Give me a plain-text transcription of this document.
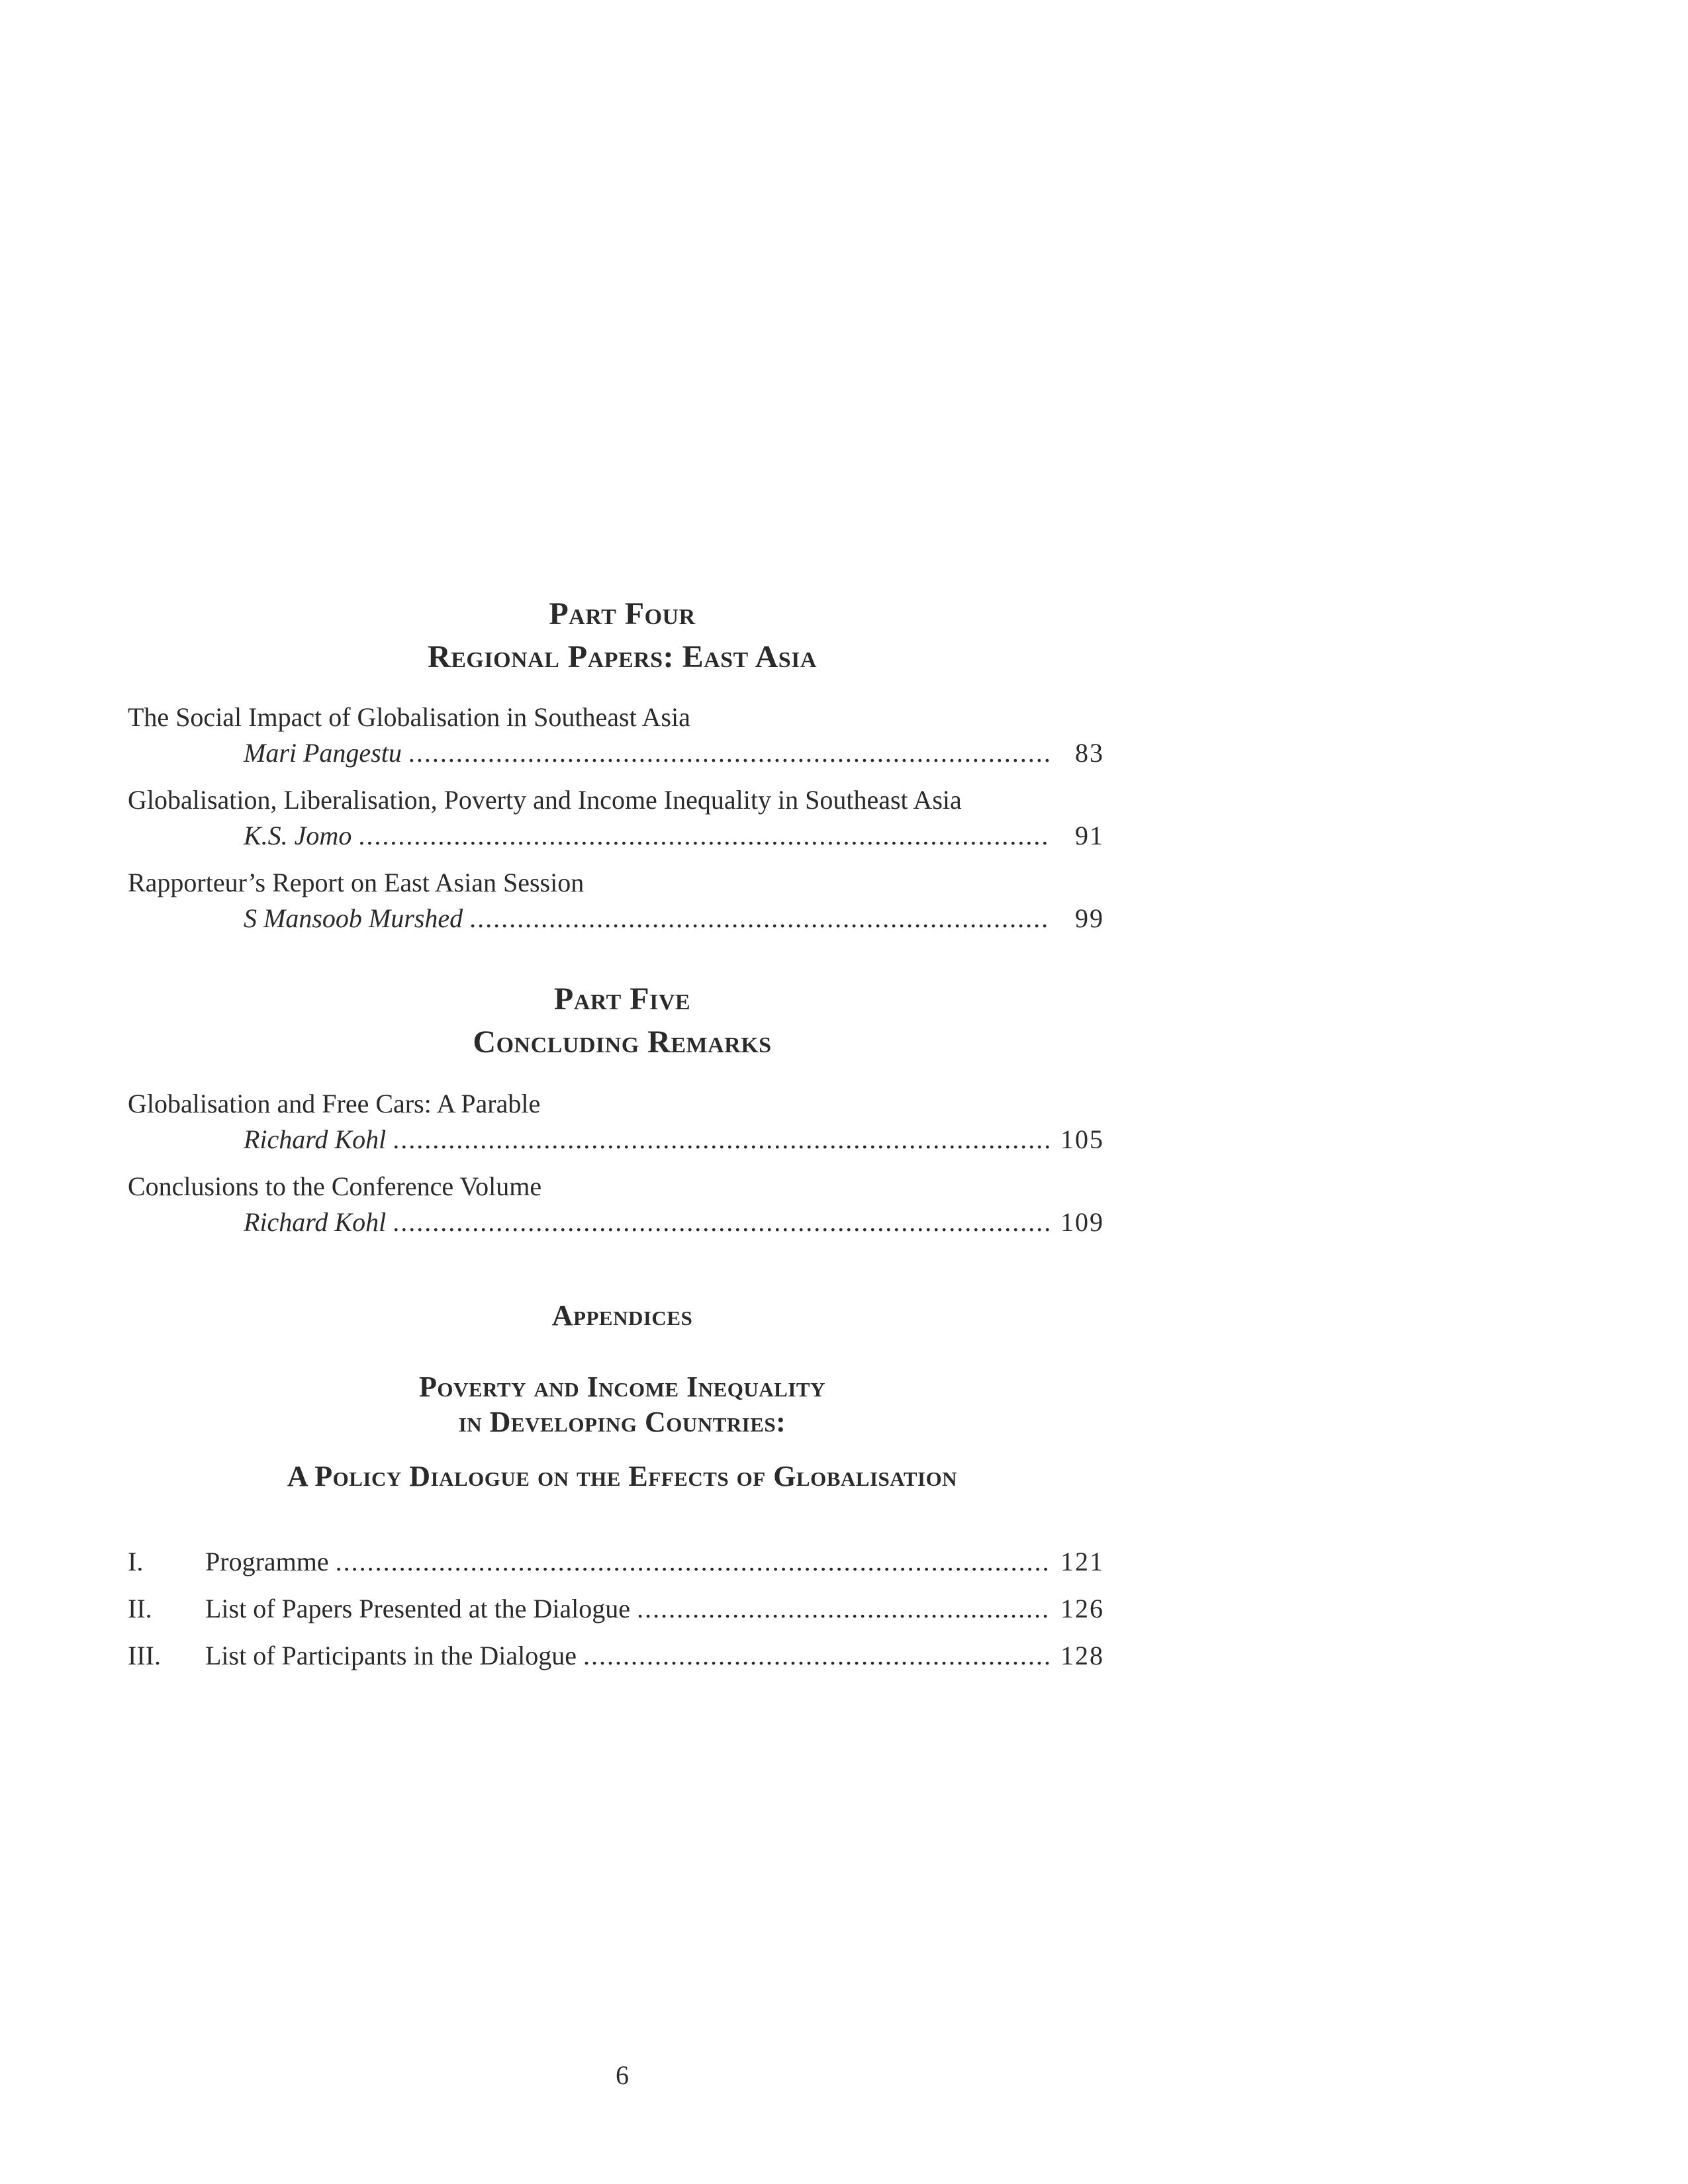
Part Four
Regional Papers: East Asia
The Social Impact of Globalisation in Southeast Asia
Mari Pangestu .....	83
Globalisation, Liberalisation, Poverty and Income Inequality in Southeast Asia
K.S. Jomo .....	91
Rapporteur’s Report on East Asian Session
S Mansoob Murshed .....	99
Part Five
Concluding Remarks
Globalisation and Free Cars: A Parable
Richard Kohl .....	105
Conclusions to the Conference Volume
Richard Kohl .....	109
Appendices
Poverty and Income Inequality
in Developing Countries:
A Policy Dialogue on the Effects of Globalisation
I.	Programme .....	121
II.	List of Papers Presented at the Dialogue .....	126
III.	List of Participants in the Dialogue .....	128
6
